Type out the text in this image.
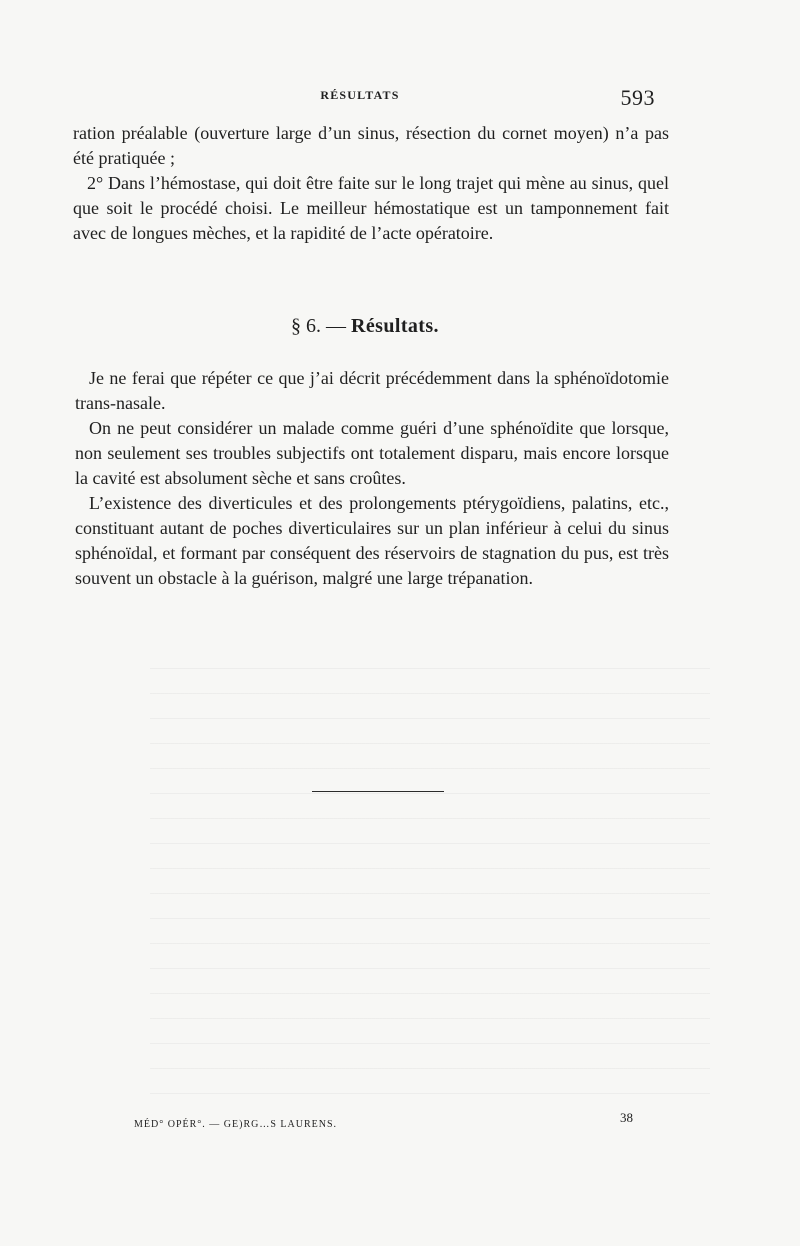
RÉSULTATS	593

ration préalable (ouverture large d’un sinus, résection du cornet moyen) n’a pas été pratiquée ;

2° Dans l’hémostase, qui doit être faite sur le long trajet qui mène au sinus, quel que soit le procédé choisi. Le meilleur hémostatique est un tamponnement fait avec de longues mèches, et la rapidité de l’acte opératoire.

§ 6. — Résultats.

Je ne ferai que répéter ce que j’ai décrit précédemment dans la sphénoïdotomie trans-nasale.

On ne peut considérer un malade comme guéri d’une sphénoïdite que lorsque, non seulement ses troubles subjectifs ont totalement disparu, mais encore lorsque la cavité est absolument sèche et sans croûtes.

L’existence des diverticules et des prolongements ptérygoïdiens, palatins, etc., constituant autant de poches diverticulaires sur un plan inférieur à celui du sinus sphénoïdal, et formant par conséquent des réservoirs de stagnation du pus, est très souvent un obstacle à la guérison, malgré une large trépanation.

MÉD° OPÉR°. — GE)RG…S LAURENS.	38
